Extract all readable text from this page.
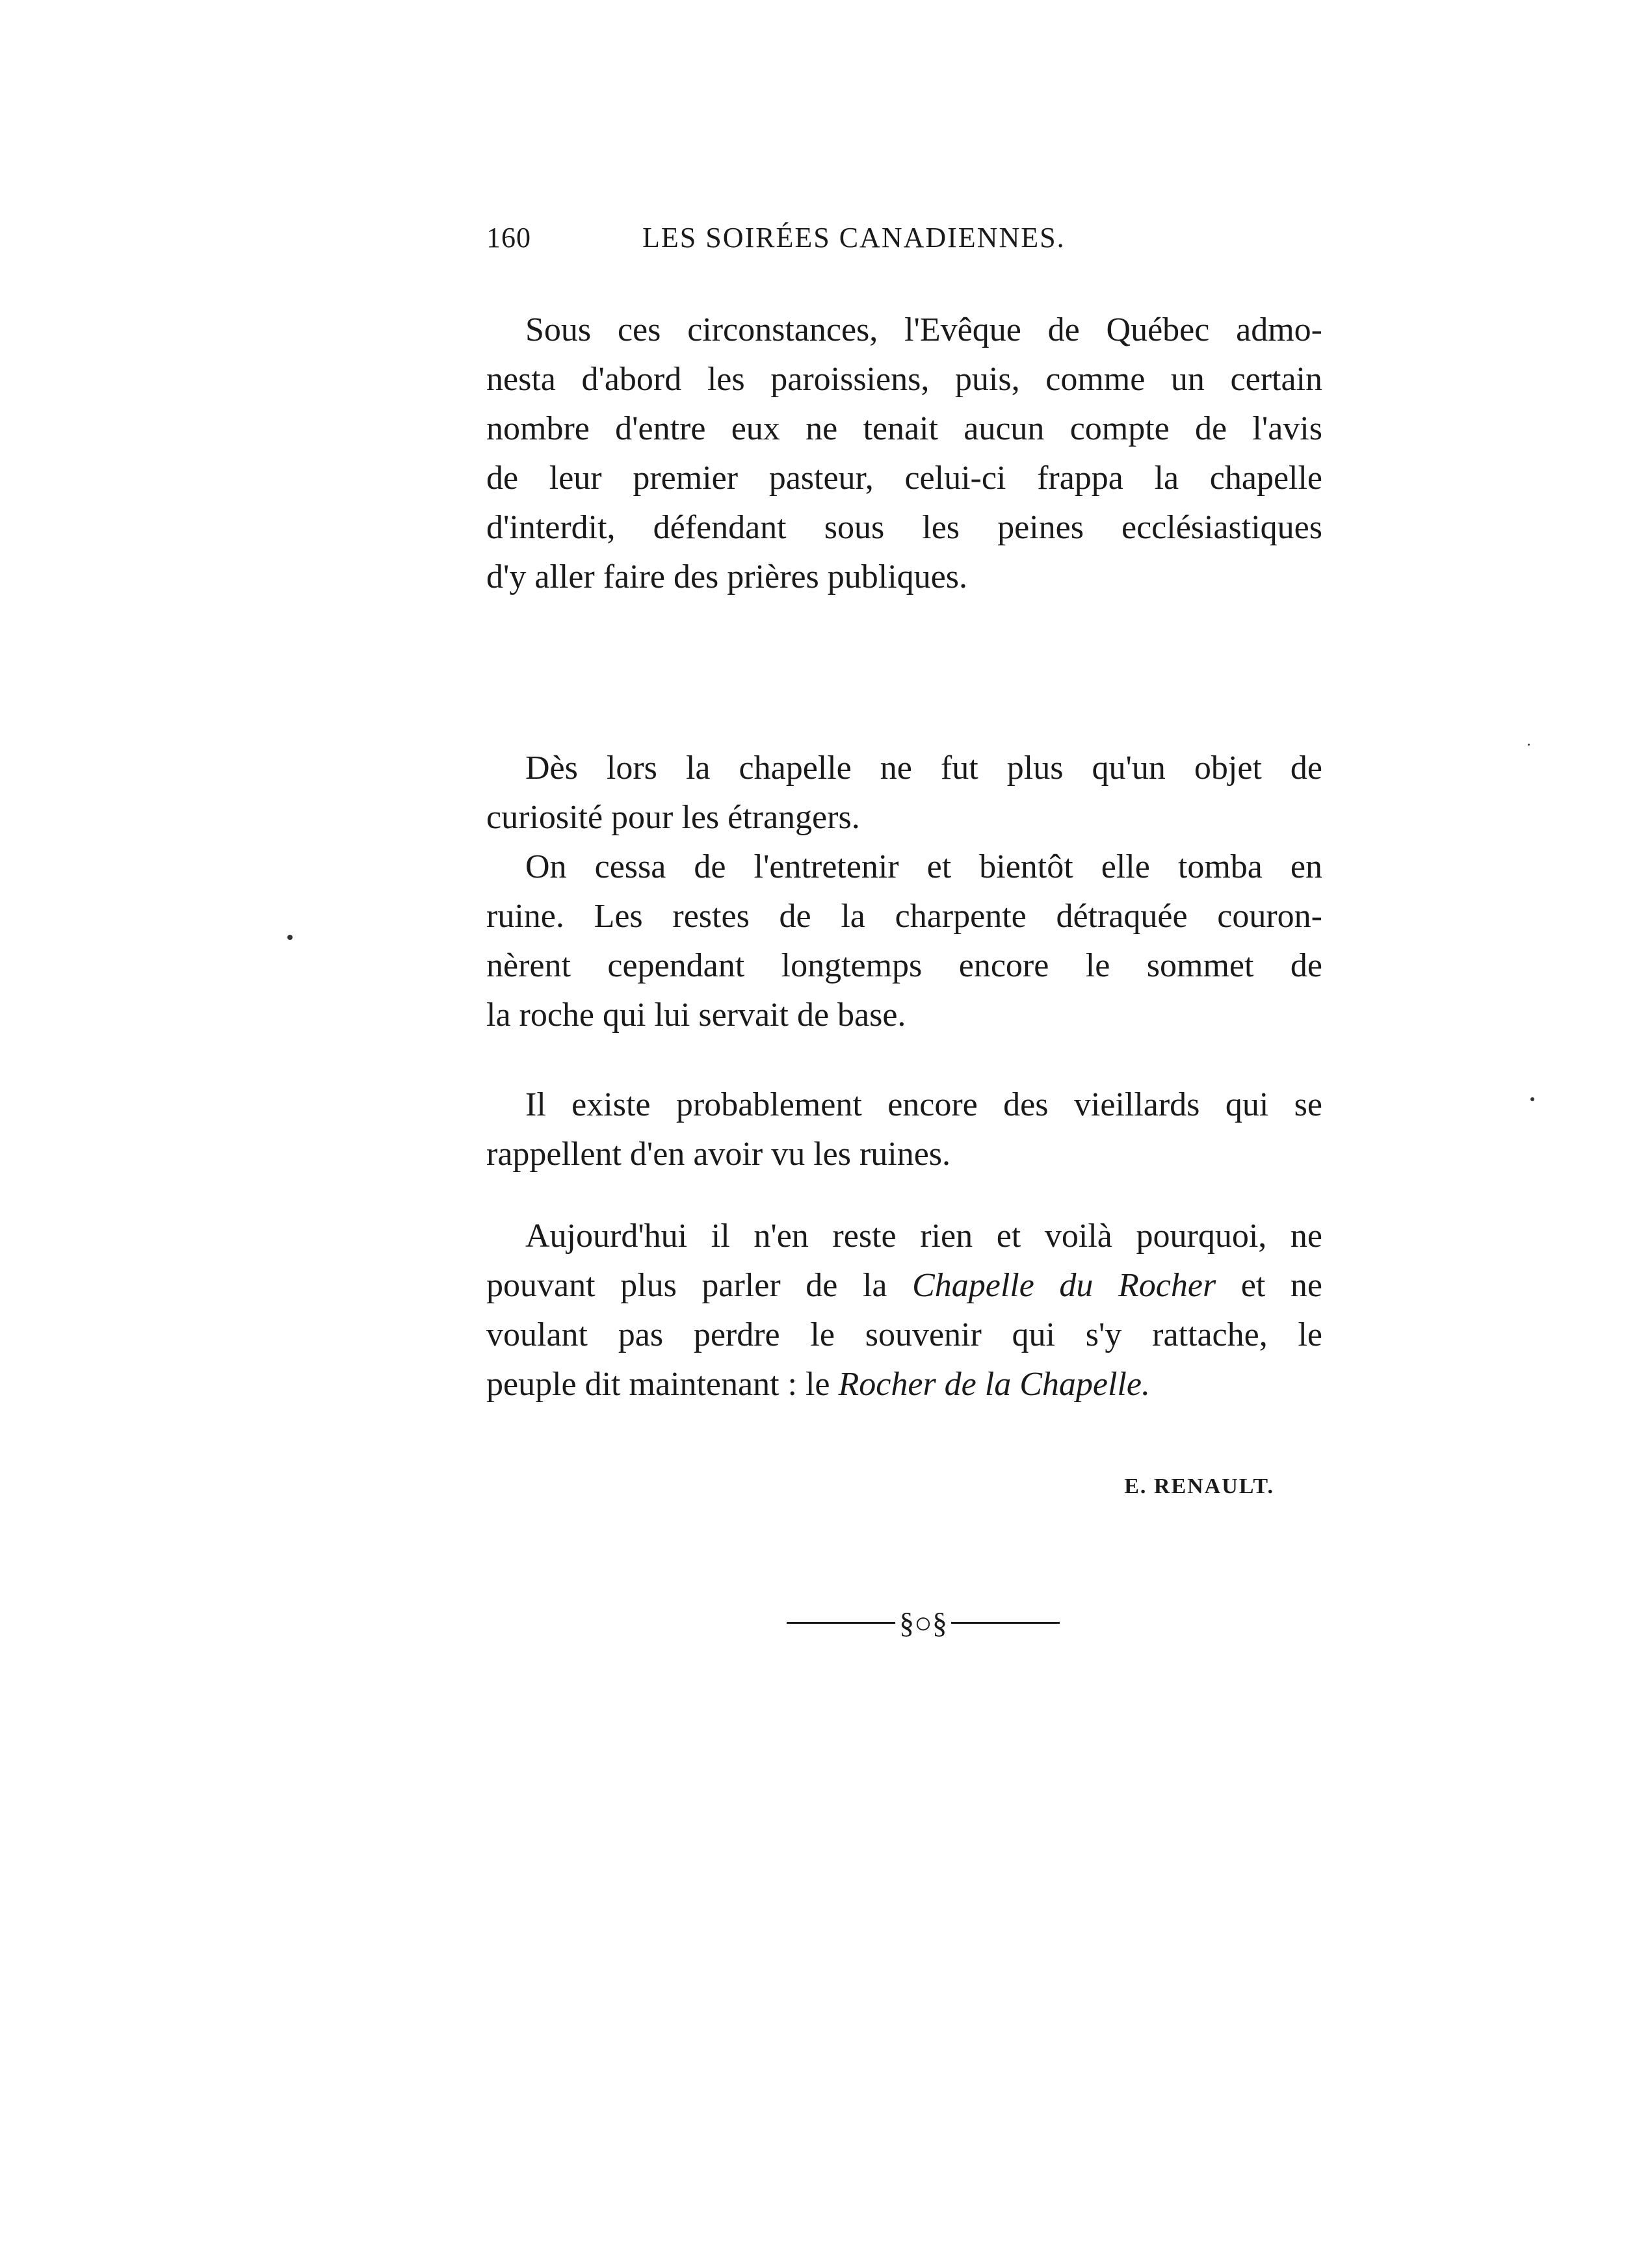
160	LES SOIRÉES CANADIENNES.
Sous ces circonstances, l'Evêque de Québec admo-
nesta d'abord les paroissiens, puis, comme un certain
nombre d'entre eux ne tenait aucun compte de l'avis
de leur premier pasteur, celui-ci frappa la chapelle
d'interdit, défendant sous les peines ecclésiastiques
d'y aller faire des prières publiques.
Dès lors la chapelle ne fut plus qu'un objet de
curiosité pour les étrangers.
On cessa de l'entretenir et bientôt elle tomba en
ruine. Les restes de la charpente détraquée couron-
nèrent cependant longtemps encore le sommet de
la roche qui lui servait de base.
Il existe probablement encore des vieillards qui se
rappellent d'en avoir vu les ruines.
Aujourd'hui il n'en reste rien et voilà pourquoi, ne
pouvant plus parler de la Chapelle du Rocher et ne
voulant pas perdre le souvenir qui s'y rattache, le
peuple dit maintenant : le Rocher de la Chapelle.
E. RENAULT.
§○§
